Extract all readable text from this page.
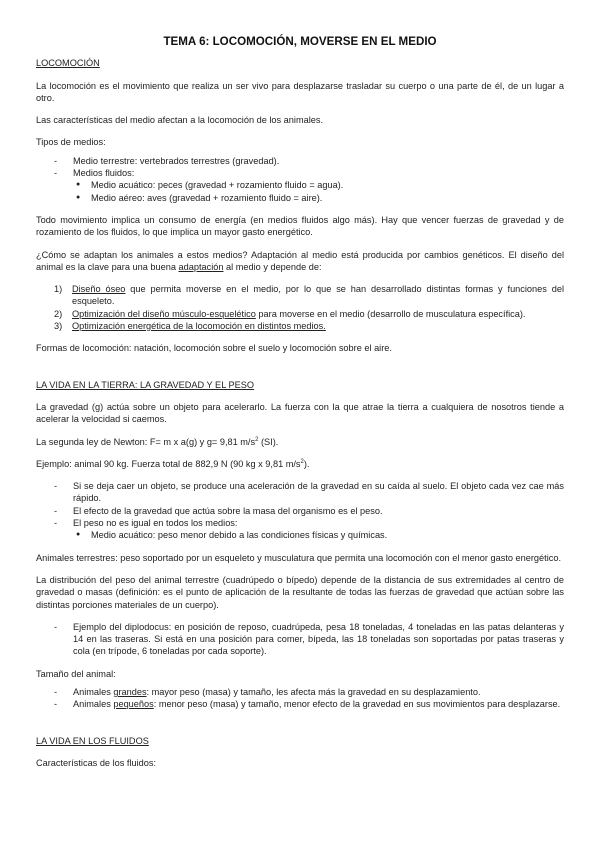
TEMA 6: LOCOMOCIÓN, MOVERSE EN EL MEDIO
LOCOMOCIÓN

La locomoción es el movimiento que realiza un ser vivo para desplazarse trasladar su cuerpo o una parte de él, de un lugar a otro.

Las características del medio afectan a la locomoción de los animales.

Tipos de medios:

- Medio terrestre: vertebrados terrestres (gravedad).
- Medios fluidos:
● Medio acuático: peces (gravedad + rozamiento fluido = agua).
● Medio aéreo: aves (gravedad + rozamiento fluido = aire).

Todo movimiento implica un consumo de energía (en medios fluidos algo más). Hay que vencer fuerzas de gravedad y de rozamiento de los fluidos, lo que implica un mayor gasto energético.

¿Cómo se adaptan los animales a estos medios? Adaptación al medio está producida por cambios genéticos. El diseño del animal es la clave para una buena adaptación al medio y depende de:

1) Diseño óseo que permita moverse en el medio, por lo que se han desarrollado distintas formas y funciones del esqueleto.
2) Optimización del diseño músculo-esquelético para moverse en el medio (desarrollo de musculatura específica).
3) Optimización energética de la locomoción en distintos medios.

Formas de locomoción: natación, locomoción sobre el suelo y locomoción sobre el aire.

LA VIDA EN LA TIERRA: LA GRAVEDAD Y EL PESO

La gravedad (g) actúa sobre un objeto para acelerarlo. La fuerza con la que atrae la tierra a cualquiera de nosotros tiende a acelerar la velocidad si caemos.

La segunda ley de Newton: F= m x a(g) y g= 9,81 $m/s^2$ (SI).

Ejemplo: animal 90 kg. Fuerza total de 882,9 N (90 kg x 9,81 $m/s^2$).

- Si se deja caer un objeto, se produce una aceleración de la gravedad en su caída al suelo. El objeto cada vez cae más rápido.
- El efecto de la gravedad que actúa sobre la masa del organismo es el peso.
- El peso no es igual en todos los medios:
● Medio acuático: peso menor debido a las condiciones físicas y químicas.

Animales terrestres: peso soportado por un esqueleto y musculatura que permita una locomoción con el menor gasto energético.

La distribución del peso del animal terrestre (cuadrúpedo o bípedo) depende de la distancia de sus extremidades al centro de gravedad o masas (definición: es el punto de aplicación de la resultante de todas las fuerzas de gravedad que actúan sobre las distintas porciones materiales de un cuerpo).

- Ejemplo del diplodocus: en posición de reposo, cuadrúpeda, pesa 18 toneladas, 4 toneladas en las patas delanteras y 14 en las traseras. Si está en una posición para comer, bípeda, las 18 toneladas son soportadas por patas traseras y cola (en trípode, 6 toneladas por cada soporte).

Tamaño del animal:

- Animales grandes: mayor peso (masa) y tamaño, les afecta más la gravedad en su desplazamiento.
- Animales pequeños: menor peso (masa) y tamaño, menor efecto de la gravedad en sus movimientos para desplazarse.
LA VIDA EN LOS FLUIDOS

Características de los fluidos:
